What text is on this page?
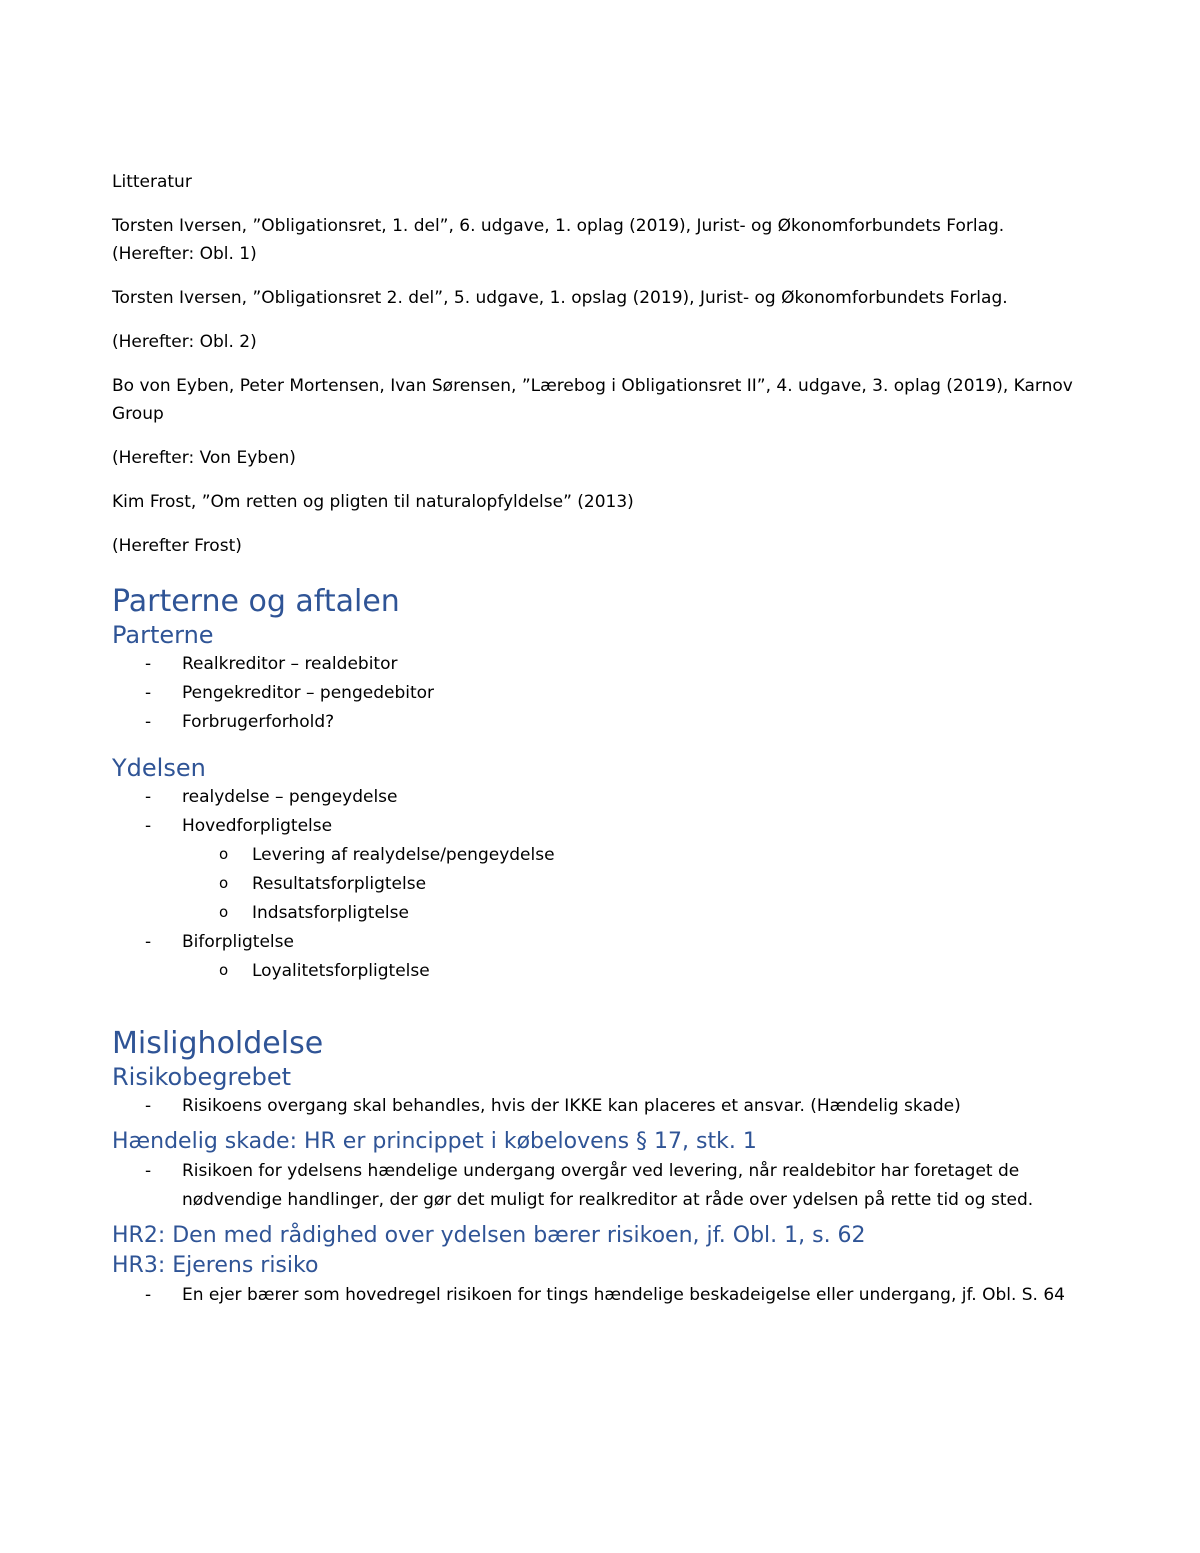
Litteratur

Torsten Iversen, ”Obligationsret, 1. del”, 6. udgave, 1. oplag (2019), Jurist- og Økonomforbundets Forlag.
(Herefter: Obl. 1)

Torsten Iversen, ”Obligationsret 2. del”, 5. udgave, 1. opslag (2019), Jurist- og Økonomforbundets Forlag.

(Herefter: Obl. 2)

Bo von Eyben, Peter Mortensen, Ivan Sørensen, ”Lærebog i Obligationsret II”, 4. udgave, 3. oplag (2019), Karnov
Group

(Herefter: Von Eyben)

Kim Frost, ”Om retten og pligten til naturalopfyldelse” (2013)

(Herefter Frost)

Parterne og aftalen
Parterne
- Realkreditor – realdebitor
- Pengekreditor – pengedebitor
- Forbrugerforhold?
Ydelsen
- realydelse – pengeydelse
- Hovedforpligtelse
o Levering af realydelse/pengeydelse
o Resultatsforpligtelse
o Indsatsforpligtelse
- Biforpligtelse
o Loyalitetsforpligtelse
Misligholdelse
Risikobegrebet
- Risikoens overgang skal behandles, hvis der IKKE kan placeres et ansvar. (Hændelig skade)
Hændelig skade: HR er princippet i købelovens § 17, stk. 1
- Risikoen for ydelsens hændelige undergang overgår ved levering, når realdebitor har foretaget de
nødvendige handlinger, der gør det muligt for realkreditor at råde over ydelsen på rette tid og sted.
HR2: Den med rådighed over ydelsen bærer risikoen, jf. Obl. 1, s. 62
HR3: Ejerens risiko
- En ejer bærer som hovedregel risikoen for tings hændelige beskadeigelse eller undergang, jf. Obl. S. 64
